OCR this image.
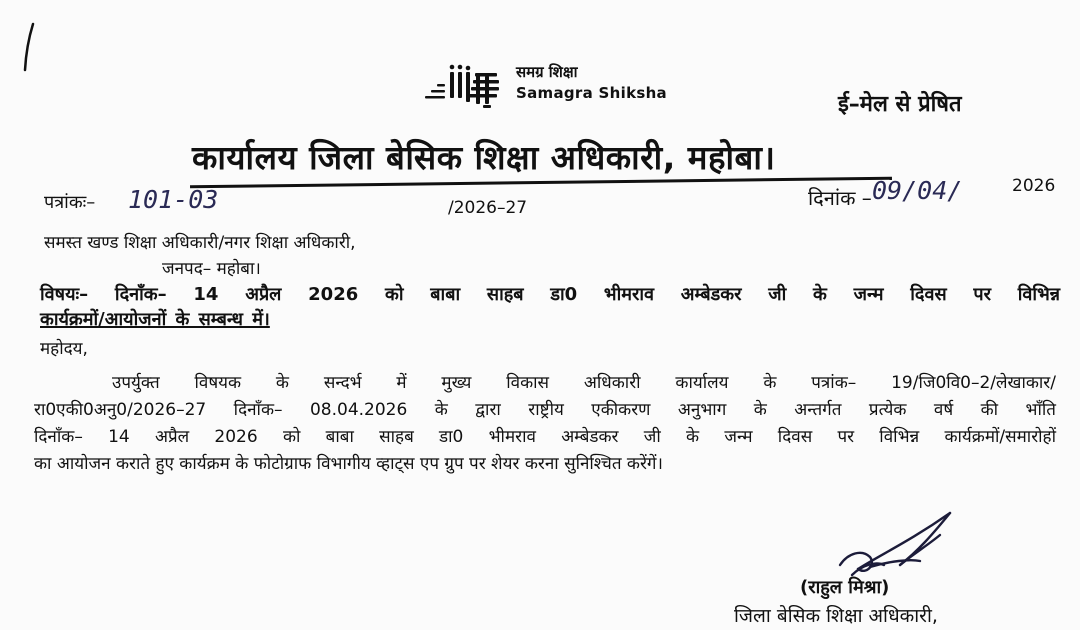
समग्र शिक्षा
Samagra Shiksha	ई–मेल से प्रेषित
कार्यालय जिला बेसिक शिक्षा अधिकारी, महोबा।
पत्रांकः– 101-03	/2026–27	दिनांक – 09/04/	2026
समस्त खण्ड शिक्षा अधिकारी/नगर शिक्षा अधिकारी,
जनपद– महोबा।
विषयः– दिनाँक– 14 अप्रैल 2026 को बाबा साहब डा0 भीमराव अम्बेडकर जी के जन्म दिवस पर विभिन्न
कार्यक्रमों/आयोजनों के सम्बन्ध में।
महोदय,
उपर्युक्त विषयक के सन्दर्भ में मुख्य विकास अधिकारी कार्यालय के पत्रांक– 19/जि0वि0–2/लेखाकार/
रा0एकी0अनु0/2026–27 दिनाँक– 08.04.2026 के द्वारा राष्ट्रीय एकीकरण अनुभाग के अन्तर्गत प्रत्येक वर्ष की भाँति
दिनाँक– 14 अप्रैल 2026 को बाबा साहब डा0 भीमराव अम्बेडकर जी के जन्म दिवस पर विभिन्न कार्यक्रमों/समारोहों
का आयोजन कराते हुए कार्यक्रम के फोटोग्राफ विभागीय व्हाट्स एप ग्रुप पर शेयर करना सुनिश्चित करेंगें।
(राहुल मिश्रा)
जिला बेसिक शिक्षा अधिकारी,
